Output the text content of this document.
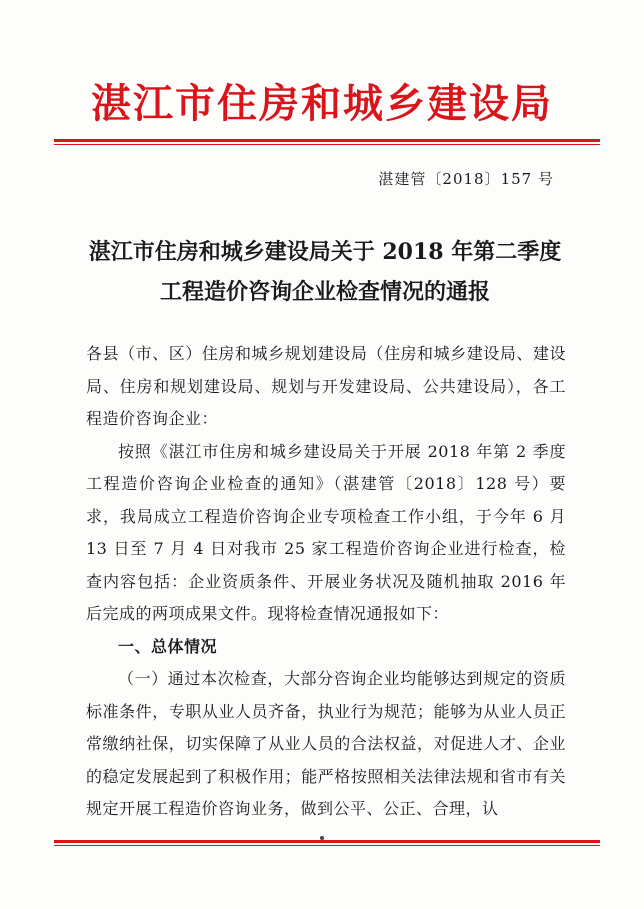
湛江市住房和城乡建设局
湛建管〔2018〕157 号
湛江市住房和城乡建设局关于 2018 年第二季度
工程造价咨询企业检查情况的通报

各县（市、区）住房和城乡规划建设局（住房和城乡建设局、建设局、住房和规划建设局、规划与开发建设局、公共建设局），各工程造价咨询企业：

按照《湛江市住房和城乡建设局关于开展 2018 年第 2 季度工程造价咨询企业检查的通知》（湛建管〔2018〕128 号）要求，我局成立工程造价咨询企业专项检查工作小组，于今年 6 月 13 日至 7 月 4 日对我市 25 家工程造价咨询企业进行检查，检查内容包括：企业资质条件、开展业务状况及随机抽取 2016 年后完成的两项成果文件。现将检查情况通报如下：

一、总体情况

（一）通过本次检查，大部分咨询企业均能够达到规定的资质标准条件，专职从业人员齐备，执业行为规范；能够为从业人员正常缴纳社保，切实保障了从业人员的合法权益，对促进人才、企业的稳定发展起到了积极作用；能严格按照相关法律法规和省市有关规定开展工程造价咨询业务，做到公平、公正、合理，认
